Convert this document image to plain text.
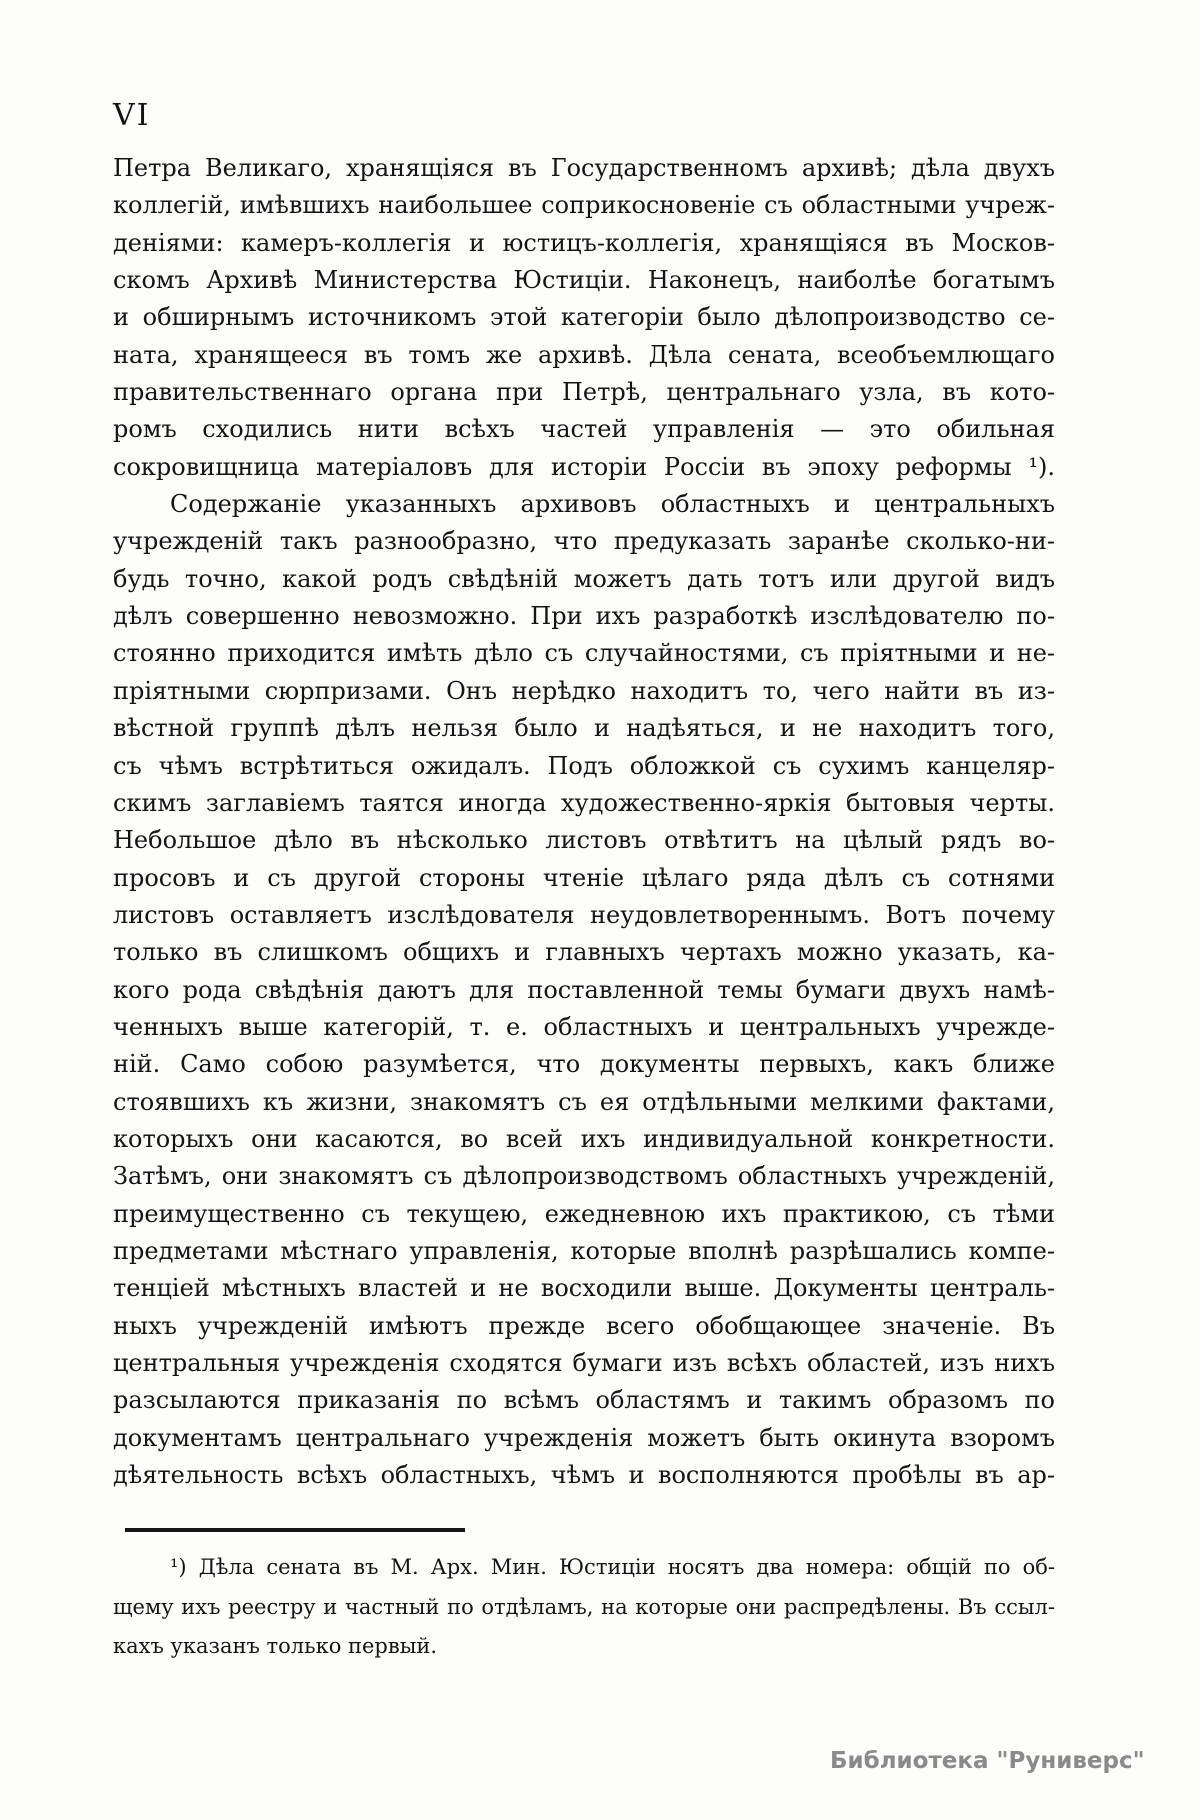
VI
Петра Великаго, хранящіяся въ Государственномъ архивѣ; дѣла двухъ
коллегій, имѣвшихъ наибольшее соприкосновеніе съ областными учреж-
деніями: камеръ-коллегія и юстицъ-коллегія, хранящіяся въ Москов-
скомъ Архивѣ Министерства Юстиціи. Наконецъ, наиболѣе богатымъ
и обширнымъ источникомъ этой категоріи было дѣлопроизводство се-
ната, хранящееся въ томъ же архивѣ. Дѣла сената, всеобъемлющаго
правительственнаго органа при Петрѣ, центральнаго узла, въ кото-
ромъ сходились нити всѣхъ частей управленія — это обильная
сокровищница матеріаловъ для исторіи Россіи въ эпоху реформы ¹).
Содержаніе указанныхъ архивовъ областныхъ и центральныхъ
учрежденій такъ разнообразно, что предуказать заранѣе сколько-ни-
будь точно, какой родъ свѣдѣній можетъ дать тотъ или другой видъ
дѣлъ совершенно невозможно. При ихъ разработкѣ изслѣдователю по-
стоянно приходится имѣть дѣло съ случайностями, съ пріятными и не-
пріятными сюрпризами. Онъ нерѣдко находитъ то, чего найти въ из-
вѣстной группѣ дѣлъ нельзя было и надѣяться, и не находитъ того,
съ чѣмъ встрѣтиться ожидалъ. Подъ обложкой съ сухимъ канцеляр-
скимъ заглавіемъ таятся иногда художественно-яркія бытовыя черты.
Небольшое дѣло въ нѣсколько листовъ отвѣтитъ на цѣлый рядъ во-
просовъ и съ другой стороны чтеніе цѣлаго ряда дѣлъ съ сотнями
листовъ оставляетъ изслѣдователя неудовлетвореннымъ. Вотъ почему
только въ слишкомъ общихъ и главныхъ чертахъ можно указать, ка-
кого рода свѣдѣнія даютъ для поставленной темы бумаги двухъ намѣ-
ченныхъ выше категорій, т. е. областныхъ и центральныхъ учрежде-
ній. Само собою разумѣется, что документы первыхъ, какъ ближе
стоявшихъ къ жизни, знакомятъ съ ея отдѣльными мелкими фактами,
которыхъ они касаются, во всей ихъ индивидуальной конкретности.
Затѣмъ, они знакомятъ съ дѣлопроизводствомъ областныхъ учрежденій,
преимущественно съ текущею, ежедневною ихъ практикою, съ тѣми
предметами мѣстнаго управленія, которые вполнѣ разрѣшались компе-
тенціей мѣстныхъ властей и не восходили выше. Документы централь-
ныхъ учрежденій имѣютъ прежде всего обобщающее значеніе. Въ
центральныя учрежденія сходятся бумаги изъ всѣхъ областей, изъ нихъ
разсылаются приказанія по всѣмъ областямъ и такимъ образомъ по
документамъ центральнаго учрежденія можетъ быть окинута взоромъ
дѣятельность всѣхъ областныхъ, чѣмъ и восполняются пробѣлы въ ар-
¹) Дѣла сената въ М. Арх. Мин. Юстиціи носятъ два номера: общій по об-
щему ихъ реестру и частный по отдѣламъ, на которые они распредѣлены. Въ ссыл-
кахъ указанъ только первый.
Библиотека "Руниверс"
